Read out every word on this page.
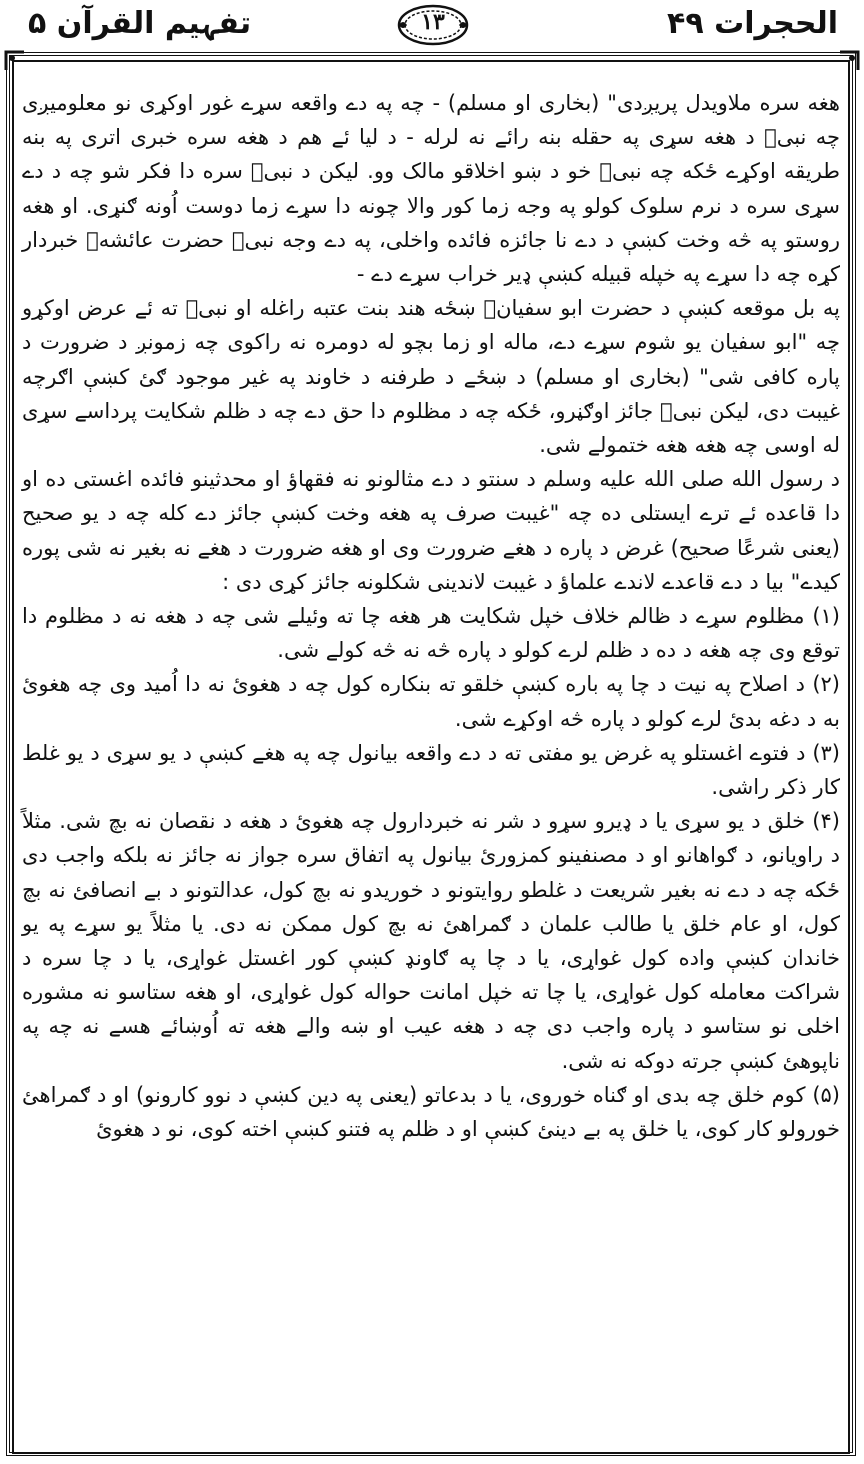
تفہیم القرآن ۵	۱۳	الحجرات ۴۹

هغه سره ملاويدل پريږدی" (بخاری او مسلم) - چه په دے واقعه سړے غور اوکړی نو معلومیږی چه نبیؐ د هغه سړی په حقله بنه رائے نه لرله - د ليا ئے هم د هغه سره خبری اتری په بنه طريقه اوکړے ځکه چه نبیؐ خو د ښو اخلاقو مالک وو. ليکن د نبیؐ سره دا فکر شو چه د دے سړی سره د نرم سلوک کولو په وجه زما کور والا چونه دا سړے زما دوست اُونه ګنړی. او هغه روستو په څه وخت کښې د دے نا جائزه فائده واخلی، په دے وجه نبیؐ حضرت عائشهؓ خبردار کړه چه دا سړے په خپله قبيله کښې ډير خراب سړے دے -

په بل موقعه کښې د حضرت ابو سفيانؓ ښځه هند بنت عتبه راغله او نبیؐ ته ئے عرض اوکړو چه "ابو سفيان يو شوم سړے دے، ماله او زما بچو له دومره نه راکوی چه زمونږ د ضرورت د پاره کافی شی" (بخاری او مسلم) د ښځے د طرفنه د خاوند په غير موجود ګئ کښې اګرچه غيبت دی، ليکن نبیؐ جائز اوګڼرو، ځکه چه د مظلوم دا حق دے چه د ظلم شکايت پرداسے سړی له اوسی چه هغه هغه ختمولے شی.

د رسول الله صلی الله عليه وسلم د سنتو د دے مثالونو نه فقهاؤ او محدثينو فائده اغستی ده او دا قاعده ئے ترے ايستلی ده چه "غيبت صرف په هغه وخت کښې جائز دے کله چه د يو صحيح (يعنی شرعًا صحيح) غرض د پاره د هغے ضرورت وی او هغه ضرورت د هغے نه بغير نه شی پوره کيدے" بيا د دے قاعدے لاندے علماؤ د غيبت لاندينی شکلونه جائز کړی دی :

(۱) مظلوم سړے د ظالم خلاف خپل شکايت هر هغه چا ته وئيلے شی چه د هغه نه د مظلوم دا توقع وی چه هغه د ده د ظلم لرے کولو د پاره څه نه څه کولے شی.

(۲) د اصلاح په نيت د چا په باره کښې خلقو ته بنکاره کول چه د هغوئ نه دا اُميد وی چه هغوئ به د دغه بدئ لرے کولو د پاره څه اوکړے شی.

(۳) د فتوے اغستلو په غرض يو مفتی ته د دے واقعه بيانول چه په هغے کښې د يو سړی د يو غلط کار ذکر راشی.

(۴) خلق د يو سړی يا د ډيرو سړو د شر نه خبردارول چه هغوئ د هغه د نقصان نه بچ شی. مثلاً د راويانو، د ګواهانو او د مصنفينو کمزورئ بيانول په اتفاق سره جواز نه جائز نه بلکه واجب دی ځکه چه د دے نه بغير شريعت د غلطو روايتونو د خوريدو نه بچ کول، عدالتونو د بے انصافئ نه بچ کول، او عام خلق يا طالب علمان د ګمراهئ نه بچ کول ممکن نه دی. يا مثلاً يو سړے په يو خاندان کښې واده کول غواړی، يا د چا په ګاونډ کښې کور اغستل غواړی، يا د چا سره د شراکت معامله کول غواړی، يا چا ته خپل امانت حواله کول غواړی، او هغه ستاسو نه مشوره اخلی نو ستاسو د پاره واجب دی چه د هغه عيب او ښه والے هغه ته اُوښائے هسے نه چه په ناپوهئ کښې جرته دوکه نه شی.

(۵) کوم خلق چه بدی او ګناه خوروی، يا د بدعاتو (يعنی په دين کښې د نوو کارونو) او د ګمراهئ خورولو کار کوی، يا خلق په بے دينئ کښې او د ظلم په فتنو کښې اخته کوی، نو د هغوئ
